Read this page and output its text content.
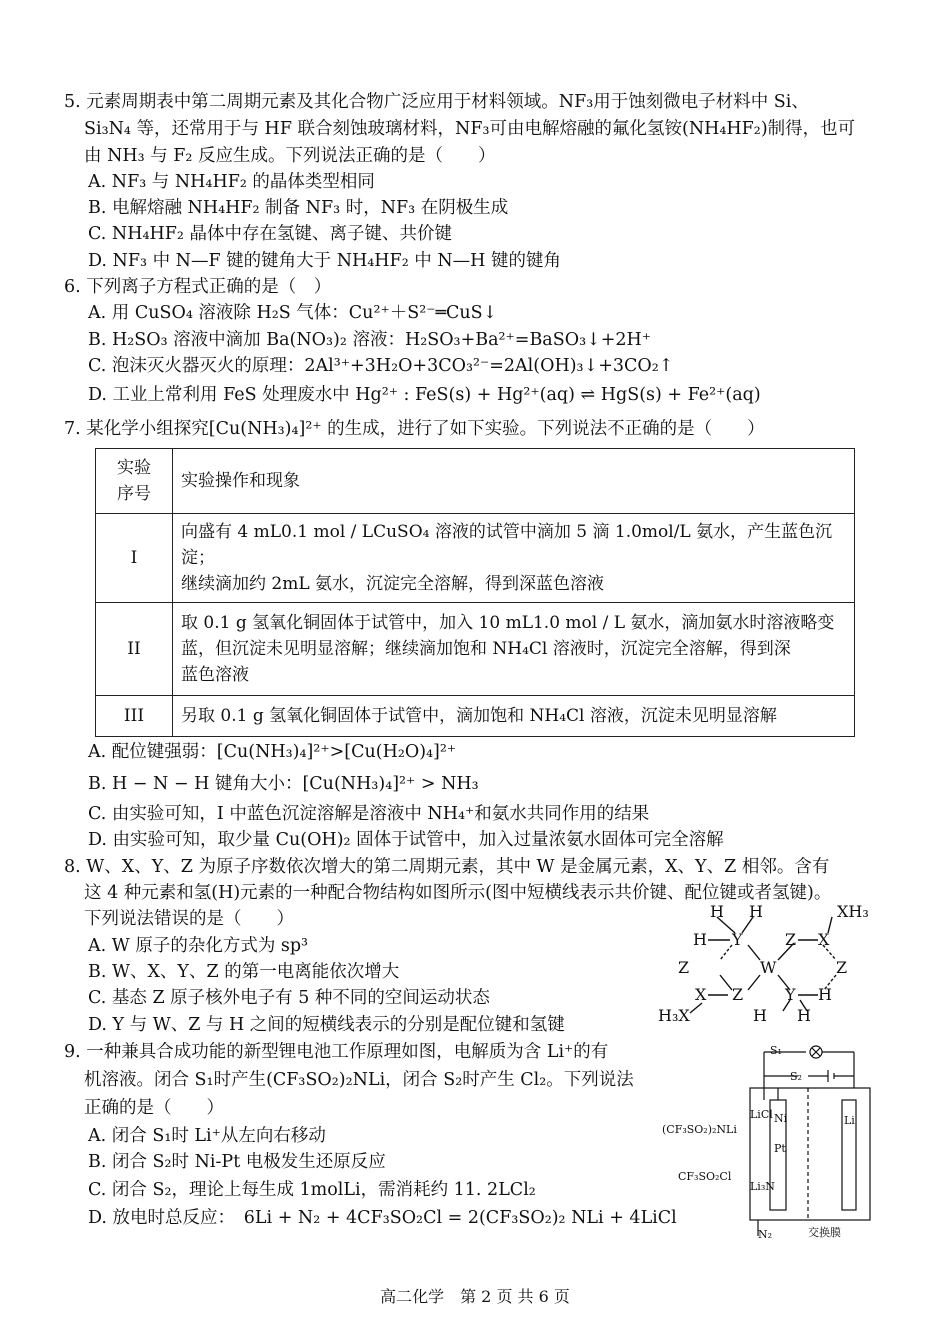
5. 元素周期表中第二周期元素及其化合物广泛应用于材料领域。NF₃用于蚀刻微电子材料中 Si、
Si₃N₄ 等，还常用于与 HF 联合刻蚀玻璃材料，NF₃可由电解熔融的氟化氢铵(NH₄HF₂)制得，也可
由 NH₃ 与 F₂ 反应生成。下列说法正确的是（　　）
A. NF₃ 与 NH₄HF₂ 的晶体类型相同
B. 电解熔融 NH₄HF₂ 制备 NF₃ 时，NF₃ 在阴极生成
C. NH₄HF₂ 晶体中存在氢键、离子键、共价键
D. NF₃ 中 N—F 键的键角大于 NH₄HF₂ 中 N—H 键的键角
6. 下列离子方程式正确的是（　）
A. 用 CuSO₄ 溶液除 H₂S 气体：Cu²⁺＋S²⁻═CuS↓
B. H₂SO₃ 溶液中滴加 Ba(NO₃)₂ 溶液：H₂SO₃+Ba²⁺=BaSO₃↓+2H⁺
C. 泡沫灭火器灭火的原理：2Al³⁺+3H₂O+3CO₃²⁻=2Al(OH)₃↓+3CO₂↑
D. 工业上常利用 FeS 处理废水中 Hg²⁺ : FeS(s) + Hg²⁺(aq) ⇌ HgS(s) + Fe²⁺(aq)
7. 某化学小组探究[Cu(NH₃)₄]²⁺ 的生成，进行了如下实验。下列说法不正确的是（　　）
实验
序号	实验操作和现象
I	向盛有 4 mL0.1 mol / LCuSO₄ 溶液的试管中滴加 5 滴 1.0mol/L 氨水，产生蓝色沉淀；
继续滴加约 2mL 氨水，沉淀完全溶解，得到深蓝色溶液
II	取 0.1 g 氢氧化铜固体于试管中，加入 10 mL1.0 mol / L 氨水，滴加氨水时溶液略变
蓝，但沉淀未见明显溶解；继续滴加饱和 NH₄Cl 溶液时，沉淀完全溶解，得到深
蓝色溶液
III	另取 0.1 g 氢氧化铜固体于试管中，滴加饱和 NH₄Cl 溶液，沉淀未见明显溶解
A. 配位键强弱：[Cu(NH₃)₄]²⁺>[Cu(H₂O)₄]²⁺
B. H − N − H 键角大小：[Cu(NH₃)₄]²⁺ > NH₃
C. 由实验可知，I 中蓝色沉淀溶解是溶液中 NH₄⁺和氨水共同作用的结果
D. 由实验可知，取少量 Cu(OH)₂ 固体于试管中，加入过量浓氨水固体可完全溶解
8. W、X、Y、Z 为原子序数依次增大的第二周期元素，其中 W 是金属元素，X、Y、Z 相邻。含有
这 4 种元素和氢(H)元素的一种配合物结构如图所示(图中短横线表示共价键、配位键或者氢键)。
下列说法错误的是（　　）
A. W 原子的杂化方式为 sp³
B. W、X、Y、Z 的第一电离能依次增大
C. 基态 Z 原子核外电子有 5 种不同的空间运动状态
D. Y 与 W、Z 与 H 之间的短横线表示的分别是配位键和氢键
H H	XH₃
H Y	Z X
Z	W	Z
X Z	Y H
H₃X	H H
9. 一种兼具合成功能的新型锂电池工作原理如图，电解质为含 Li⁺的有
机溶液。闭合 S₁时产生(CF₃SO₂)₂NLi，闭合 S₂时产生 Cl₂。下列说法
正确的是（　　）
A. 闭合 S₁时 Li⁺从左向右移动
B. 闭合 S₂时 Ni-Pt 电极发生还原反应
C. 闭合 S₂，理论上每生成 1molLi，需消耗约 11. 2LCl₂
D. 放电时总反应：　6Li + N₂ + 4CF₃SO₂Cl = 2(CF₃SO₂)₂ NLi + 4LiCl
S₁
S₂
LiCl Ni
Pt
Li
(CF₃SO₂)₂NLi
CF₃SO₂Cl
Li₃N
N₂	交换膜
高二化学　第 2 页 共 6 页
